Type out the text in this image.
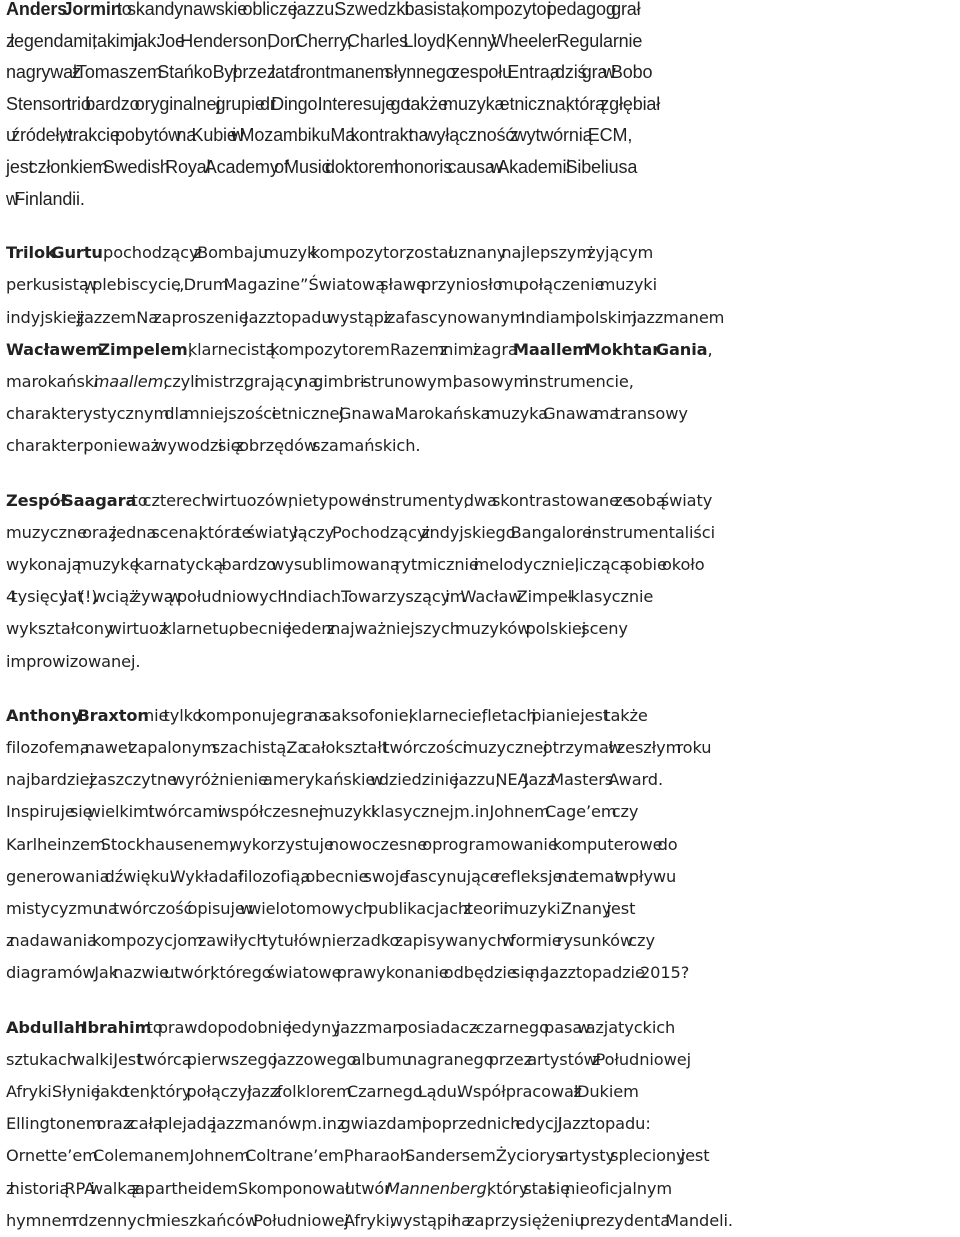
Anders Jormin to skandynawskie oblicze jazzu. Szwedzki basista, kompozytor i pedagog grał
z legendami, takimi jak: Joe Henderson, Don Cherry, Charles Lloyd, Kenny Wheeler. Regularnie
nagrywał z Tomaszem Stańko. Był przez lata frontmanem słynnego zespołu Entra, a dziś gra w Bobo
Stenson trio i bardzo oryginalnej grupie dr Dingo. Interesuje go także muzyka etniczna, którą zgłębiał
u źródeł, w trakcie pobytów na Kubie i w Mozambiku. Ma kontrakt na wyłączność z wytwórnią ECM,
jest członkiem Swedish Royal Academy of Music i doktorem honoris causa w Akademii Sibeliusa
w Finlandii.

Trilok Gurtu, pochodzący z Bombaju muzyk i kompozytor, został uznany najlepszym żyjącym
perkusistą w plebiscycie „Drum Magazine”. Światową sławę przyniosło mu połączenie muzyki
indyjskiej z jazzem. Na zaproszenie Jazztopadu wystąpi z zafascynowanym Indiami polskim jazzmanem
Wacławem Zimpelem, klarnecistą i kompozytorem. Razem z nimi zagra Maallem Mokhtar Gania,
marokański maallem, czyli mistrz, grający na gimbri – strunowym, basowym instrumencie,
charakterystycznym dla mniejszości etnicznej Gnawa. Marokańska muzyka Gnawa ma transowy
charakter, ponieważ wywodzi się z obrzędów szamańskich.

Zespół Saagara to czterech wirtuozów, nietypowe instrumenty, dwa skontrastowane ze sobą światy
muzyczne oraz jedna scena, która te światy łączy. Pochodzący z indyjskiego Bangalore instrumentaliści
wykonają muzykę karnatycką – bardzo wysublimowaną rytmicznie i melodycznie, liczącą sobie około
4 tysięcy lat (!) , wciąż żywą w południowych Indiach. Towarzyszący im Wacław Zimpel – klasycznie
wykształcony wirtuoz klarnetu, obecnie jeden z najważniejszych muzyków polskiej sceny
improwizowanej.

Anthony Braxton nie tylko komponuje, gra na saksofonie, klarnecie, fletach i pianie, jest także
filozofem, a nawet zapalonym szachistą. Za całokształt twórczości muzycznej otrzymał w zeszłym roku
najbardziej zaszczytne wyróżnienie amerykańskie w dziedzinie jazzu, NEA Jazz Masters Award.
Inspiruje się wielkimi twórcami współczesnej muzyki klasycznej, m.in. Johnem Cage’em czy
Karlheinzem Stockhausenem, wykorzystuje nowoczesne oprogramowanie komputerowe do
generowania dźwięku. Wykładał filozofią, a obecnie swoje fascynujące refleksje na temat wpływu
mistycyzmu na twórczość opisuje w wielotomowych publikacjach z teorii muzyki. Znany jest
z nadawania kompozycjom zawiłych tytułów, nierzadko zapisywanych w formie rysunków czy
diagramów. Jak nazwie utwór, którego światowe prawykonanie odbędzie się na Jazztopadzie 2015?

Abdullah Ibrahim to prawdopodobnie jedyny jazzman posiadacz – czarnego pasa w azjatyckich
sztukach walki. Jest twórcą pierwszego jazzowego albumu nagranego przez artystów z Południowej
Afryki. Słynie jako ten, który połączył jazz z folklorem Czarnego Lądu. Współpracował z Dukiem
Ellingtonem oraz z całą plejadą jazzmanów, m.in. z gwiazdami poprzednich edycji Jazztopadu:
Ornette’em Colemanem, Johnem Coltrane’em, Pharaoh Sandersem. Życiorys artysty spleciony jest
z historią RPA i walką z apartheidem. Skomponował utwór Mannenberg, który stał się nieoficjalnym
hymnem rdzennych mieszkańców Południowej Afryki, wystąpił na zaprzysiężeniu prezydenta Mandeli.
